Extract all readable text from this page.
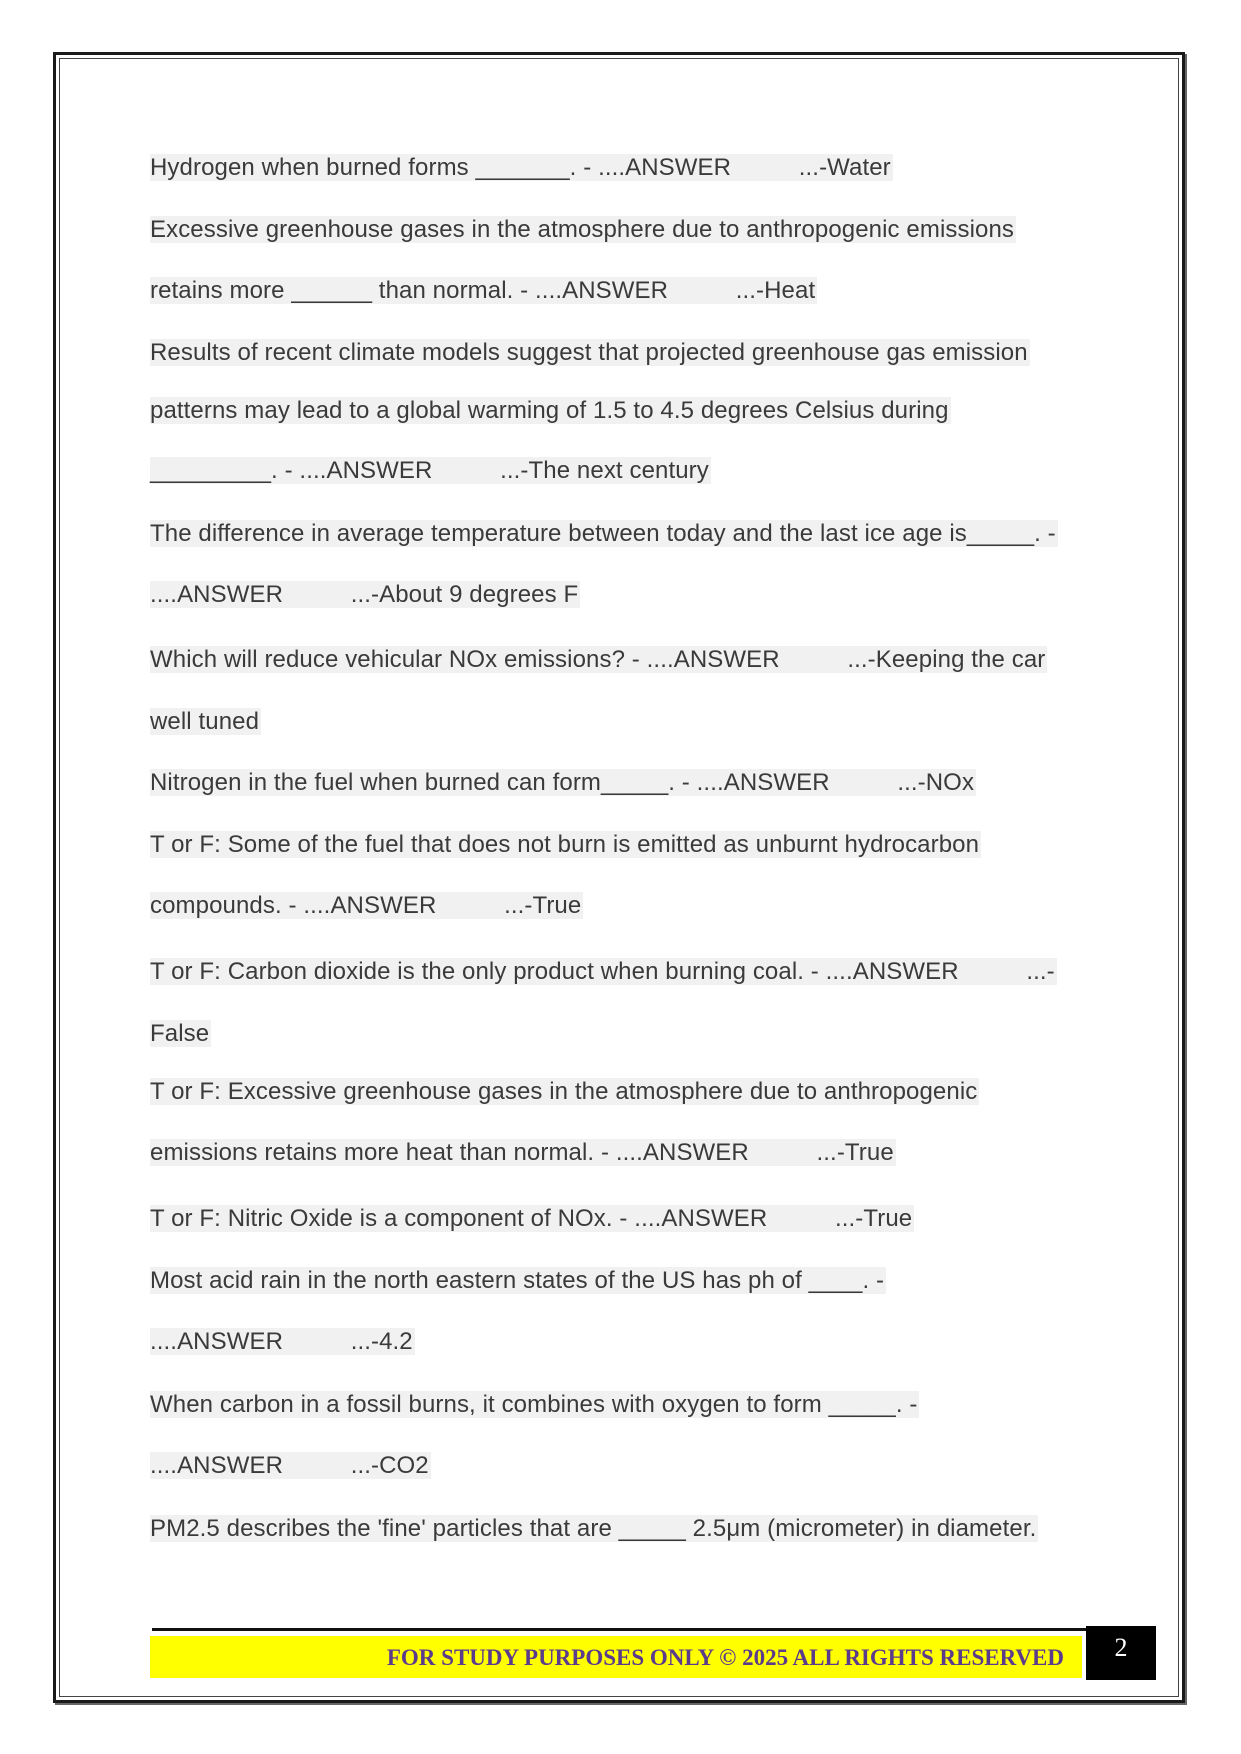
Hydrogen when burned forms _______. - ....ANSWER          ...-Water
Excessive greenhouse gases in the atmosphere due to anthropogenic emissions
retains more ______ than normal. - ....ANSWER          ...-Heat
Results of recent climate models suggest that projected greenhouse gas emission
patterns may lead to a global warming of 1.5 to 4.5 degrees Celsius during
_________. - ....ANSWER          ...-The next century
The difference in average temperature between today and the last ice age is_____. -
....ANSWER          ...-About 9 degrees F
Which will reduce vehicular NOx emissions? - ....ANSWER          ...-Keeping the car
well tuned
Nitrogen in the fuel when burned can form_____. - ....ANSWER          ...-NOx
T or F: Some of the fuel that does not burn is emitted as unburnt hydrocarbon
compounds. - ....ANSWER          ...-True
T or F: Carbon dioxide is the only product when burning coal. - ....ANSWER          ...-
False
T or F: Excessive greenhouse gases in the atmosphere due to anthropogenic
emissions retains more heat than normal. - ....ANSWER          ...-True
T or F: Nitric Oxide is a component of NOx. - ....ANSWER          ...-True
Most acid rain in the north eastern states of the US has ph of ____. -
....ANSWER          ...-4.2
When carbon in a fossil burns, it combines with oxygen to form _____. -
....ANSWER          ...-CO2
PM2.5 describes the 'fine' particles that are _____ 2.5μm (micrometer) in diameter.
FOR STUDY PURPOSES ONLY © 2025 ALL RIGHTS RESERVED	2
